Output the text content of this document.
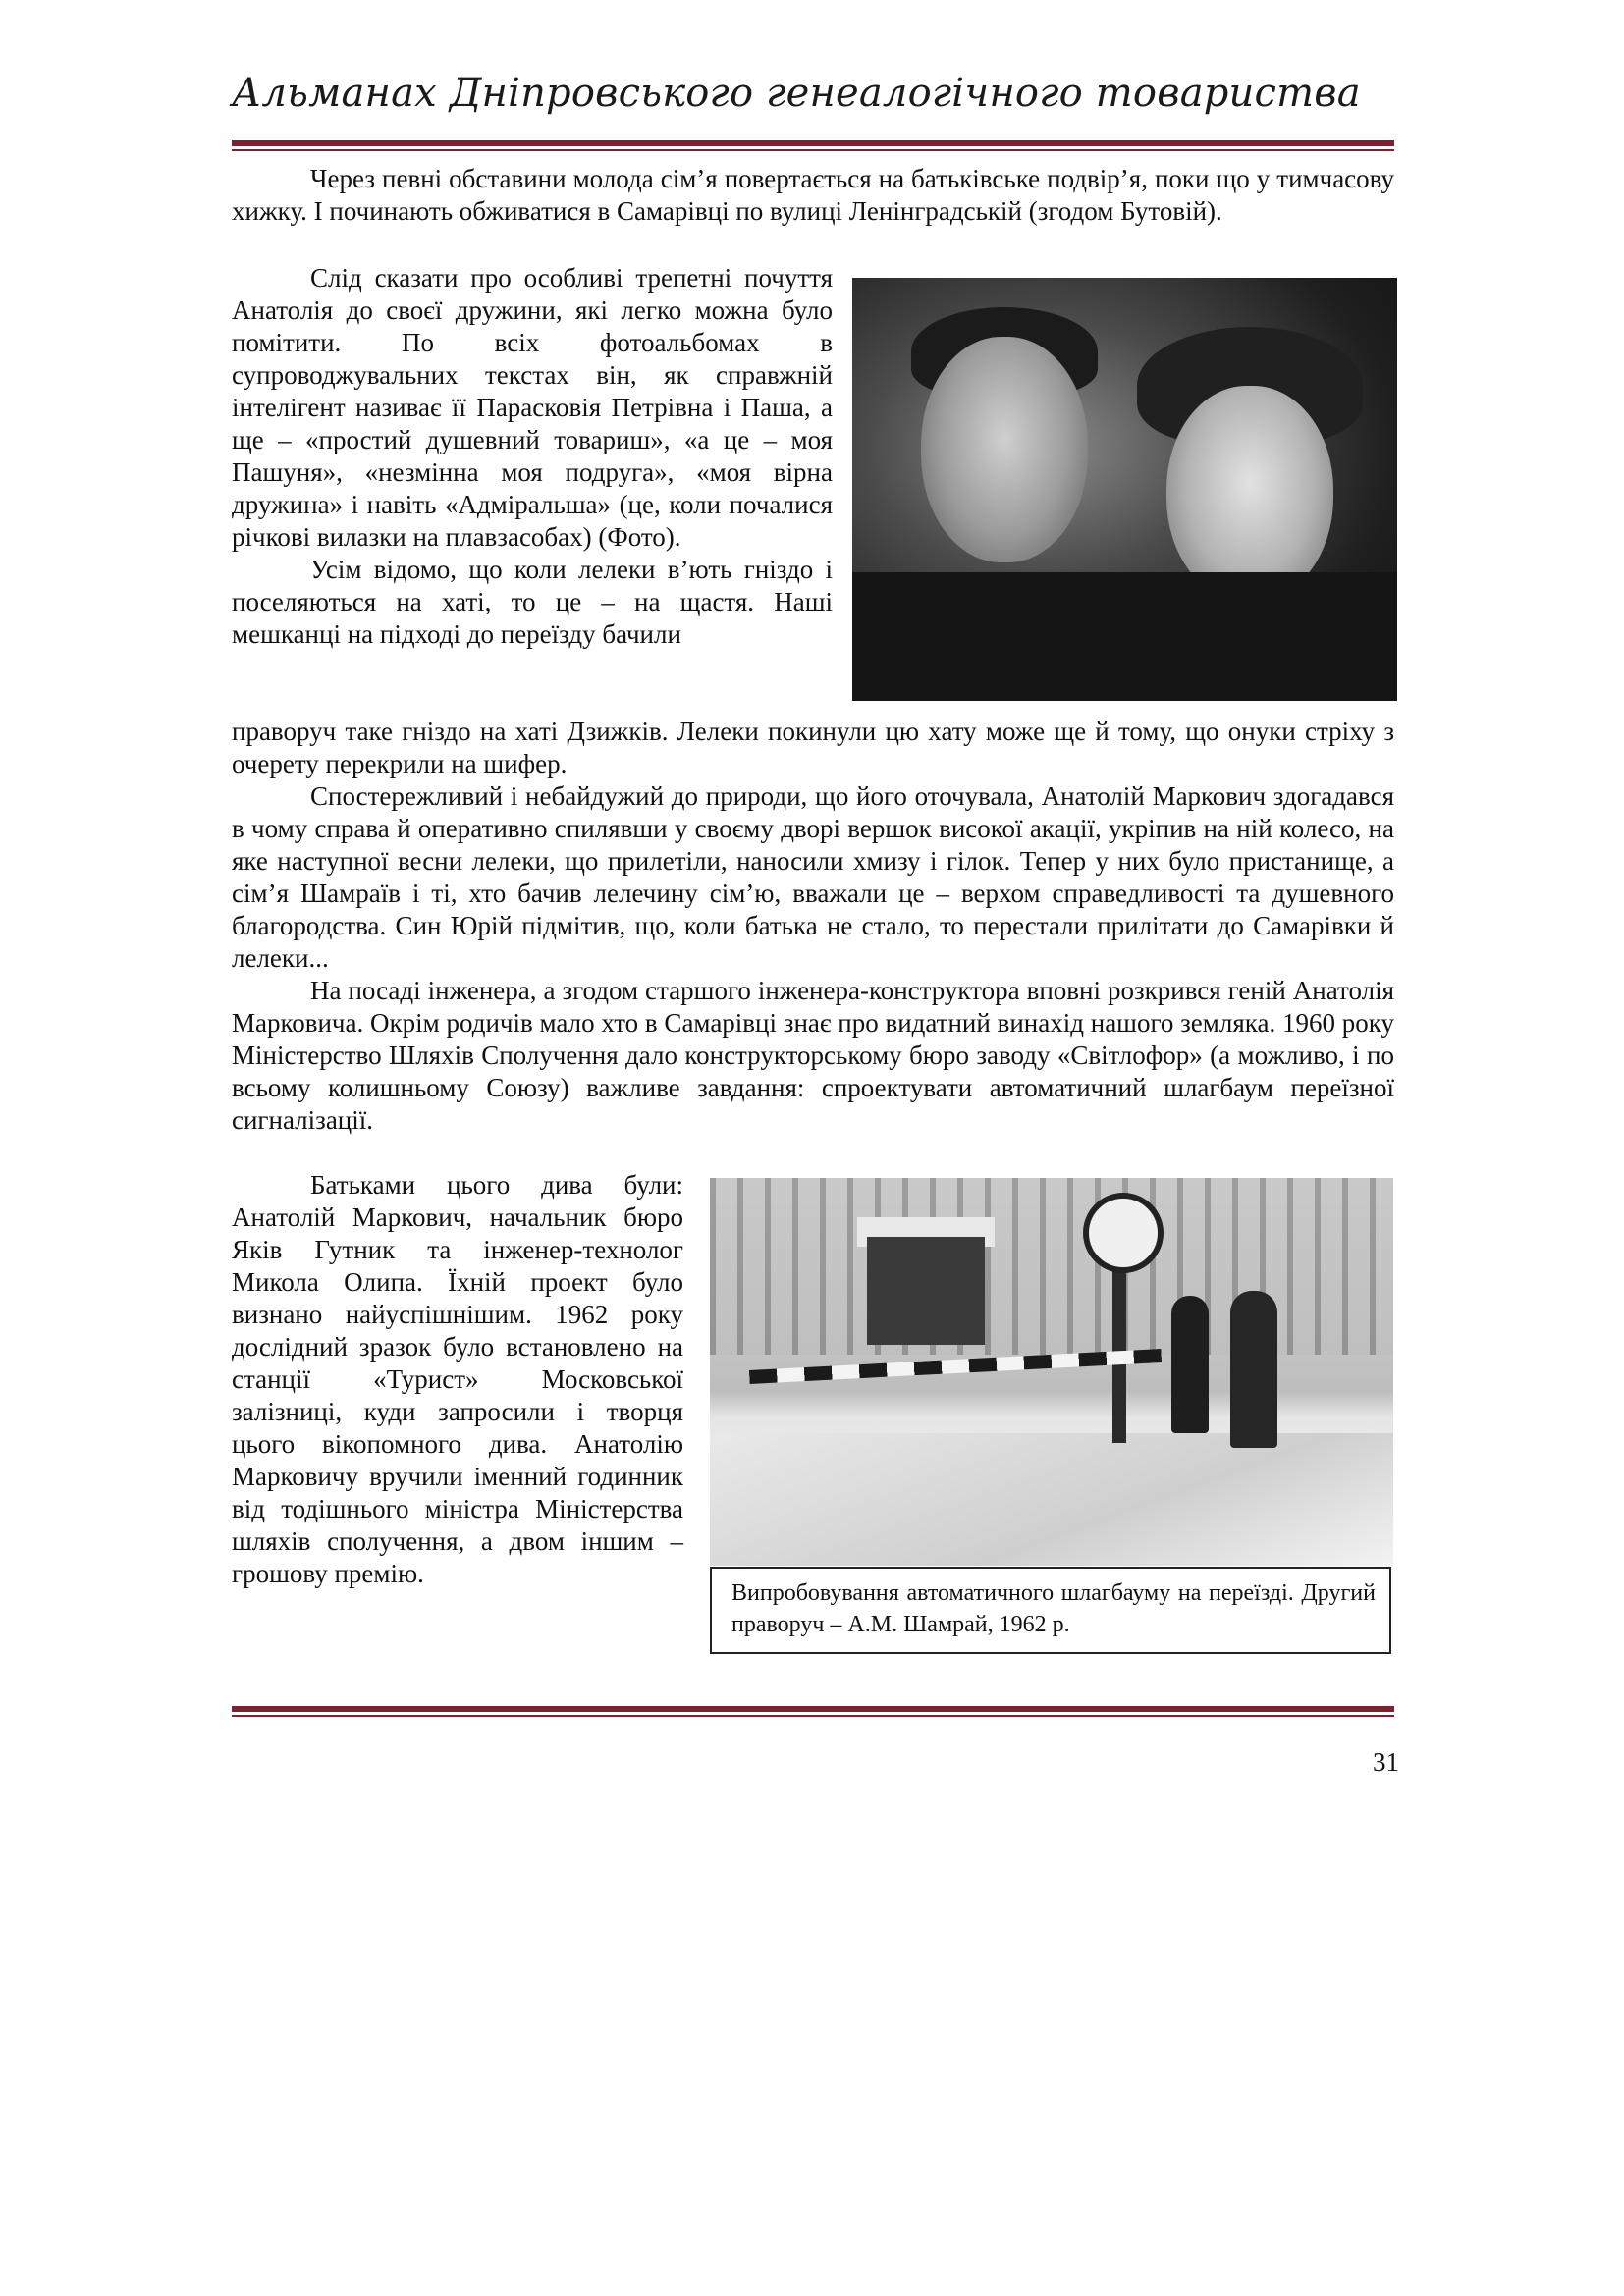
Альманах Дніпровського генеалогічного товариства

Через певні обставини молода сім’я повертається на батьківське подвір’я, поки що у тимчасову хижку. І починають обживатися в Самарівці по вулиці Ленінградській (згодом Бутовій).

Слід сказати про особливі трепетні почуття Анатолія до своєї дружини, які легко можна було помітити. По всіх фотоальбомах в супроводжувальних текстах він, як справжній інтелігент називає її Парасковія Петрівна і Паша, а ще – «простий душевний товариш», «а це – моя Пашуня», «незмінна моя подруга», «моя вірна дружина» і навіть «Адміральша» (це, коли почалися річкові вилазки на плавзасобах) (Фото).

Усім відомо, що коли лелеки в’ють гніздо і поселяються на хаті, то це – на щастя. Наші мешканці на підході до переїзду бачили

праворуч таке гніздо на хаті Дзижків. Лелеки покинули цю хату може ще й тому, що онуки стріху з очерету перекрили на шифер.

Спостережливий і небайдужий до природи, що його оточувала, Анатолій Маркович здогадався в чому справа й оперативно спилявши у своєму дворі вершок високої акації, укріпив на ній колесо, на яке наступної весни лелеки, що прилетіли, наносили хмизу і гілок. Тепер у них було пристанище, а сім’я Шамраїв і ті, хто бачив лелечину сім’ю, вважали це – верхом справедливості та душевного благородства. Син Юрій підмітив, що, коли батька не стало, то перестали прилітати до Самарівки й лелеки...

На посаді інженера, а згодом старшого інженера-конструктора вповні розкрився геній Анатолія Марковича. Окрім родичів мало хто в Самарівці знає про видатний винахід нашого земляка. 1960 року Міністерство Шляхів Сполучення дало конструкторському бюро заводу «Світлофор» (а можливо, і по всьому колишньому Союзу) важливе завдання: спроектувати автоматичний шлагбаум переїзної сигналізації.

Батьками цього дива були: Анатолій Маркович, начальник бюро Яків Гутник та інженер-технолог Микола Олипа. Їхній проект було визнано найуспішнішим. 1962 року дослідний зразок було встановлено на станції «Турист» Московської залізниці, куди запросили і творця цього вікопомного дива. Анатолію Марковичу вручили іменний годинник від тодішнього міністра Міністерства шляхів сполучення, а двом іншим – грошову премію.

Випробовування автоматичного шлагбауму на переїзді. Другий праворуч – А.М. Шамрай, 1962 р.
31
